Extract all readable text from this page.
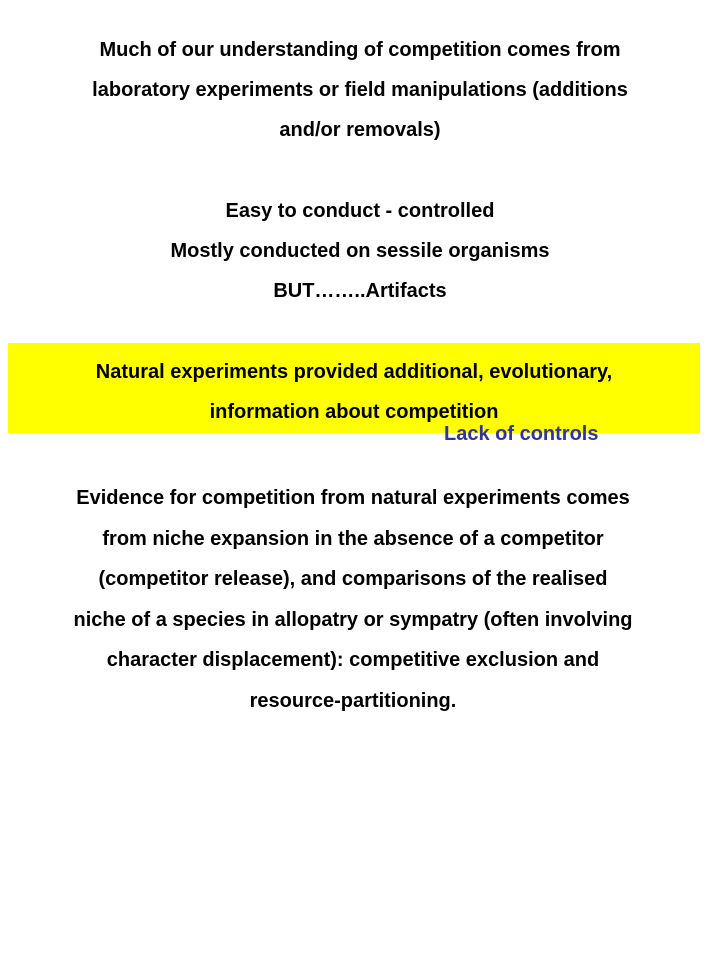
Much of our understanding of competition comes from
laboratory experiments or field manipulations (additions
and/or removals)
Easy to conduct - controlled
Mostly conducted on sessile organisms
BUT……..Artifacts
Natural experiments provided additional, evolutionary,
information about competition
Lack of controls
Evidence for competition from natural experiments comes
from niche expansion in the absence of a competitor
(competitor release), and comparisons of the realised
niche of a species in allopatry or sympatry (often involving
character displacement): competitive exclusion and
resource-partitioning.
